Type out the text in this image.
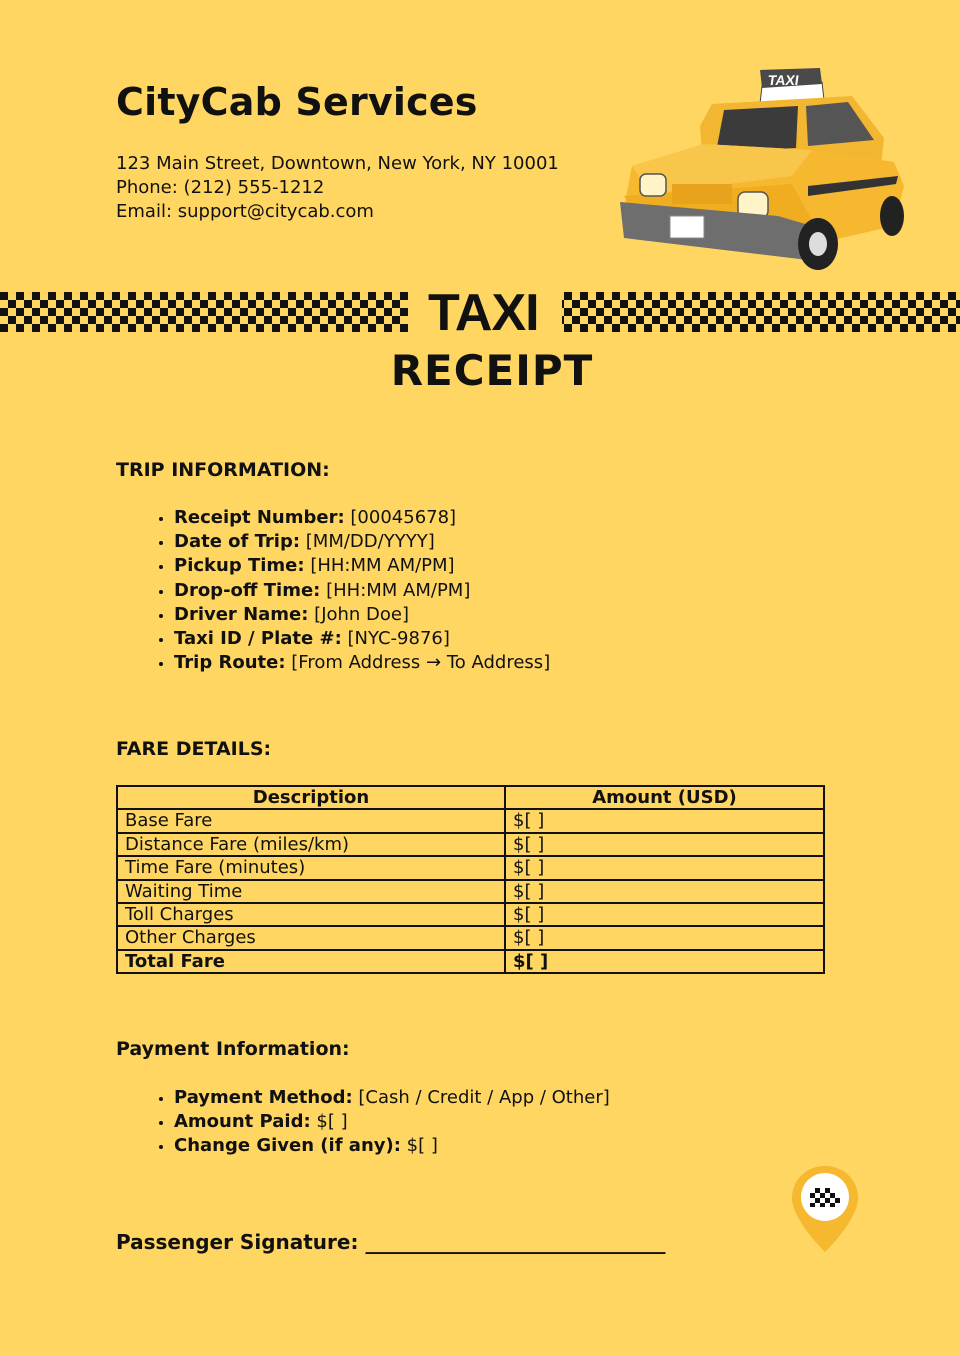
CityCab Services
123 Main Street, Downtown, New York, NY 10001
Phone: (212) 555-1212
Email: support@citycab.com
TAXI
TAXI
RECEIPT
TRIP INFORMATION:
• Receipt Number: [00045678]
• Date of Trip: [MM/DD/YYYY]
• Pickup Time: [HH:MM AM/PM]
• Drop-off Time: [HH:MM AM/PM]
• Driver Name: [John Doe]
• Taxi ID / Plate #: [NYC-9876]
• Trip Route: [From Address → To Address]
FARE DETAILS:
Description	Amount (USD)
Base Fare	$[ ]
Distance Fare (miles/km)	$[ ]
Time Fare (minutes)	$[ ]
Waiting Time	$[ ]
Toll Charges	$[ ]
Other Charges	$[ ]
Total Fare	$[ ]
Payment Information:
• Payment Method: [Cash / Credit / App / Other]
• Amount Paid: $[ ]
• Change Given (if any): $[ ]
Passenger Signature: ______________________________
